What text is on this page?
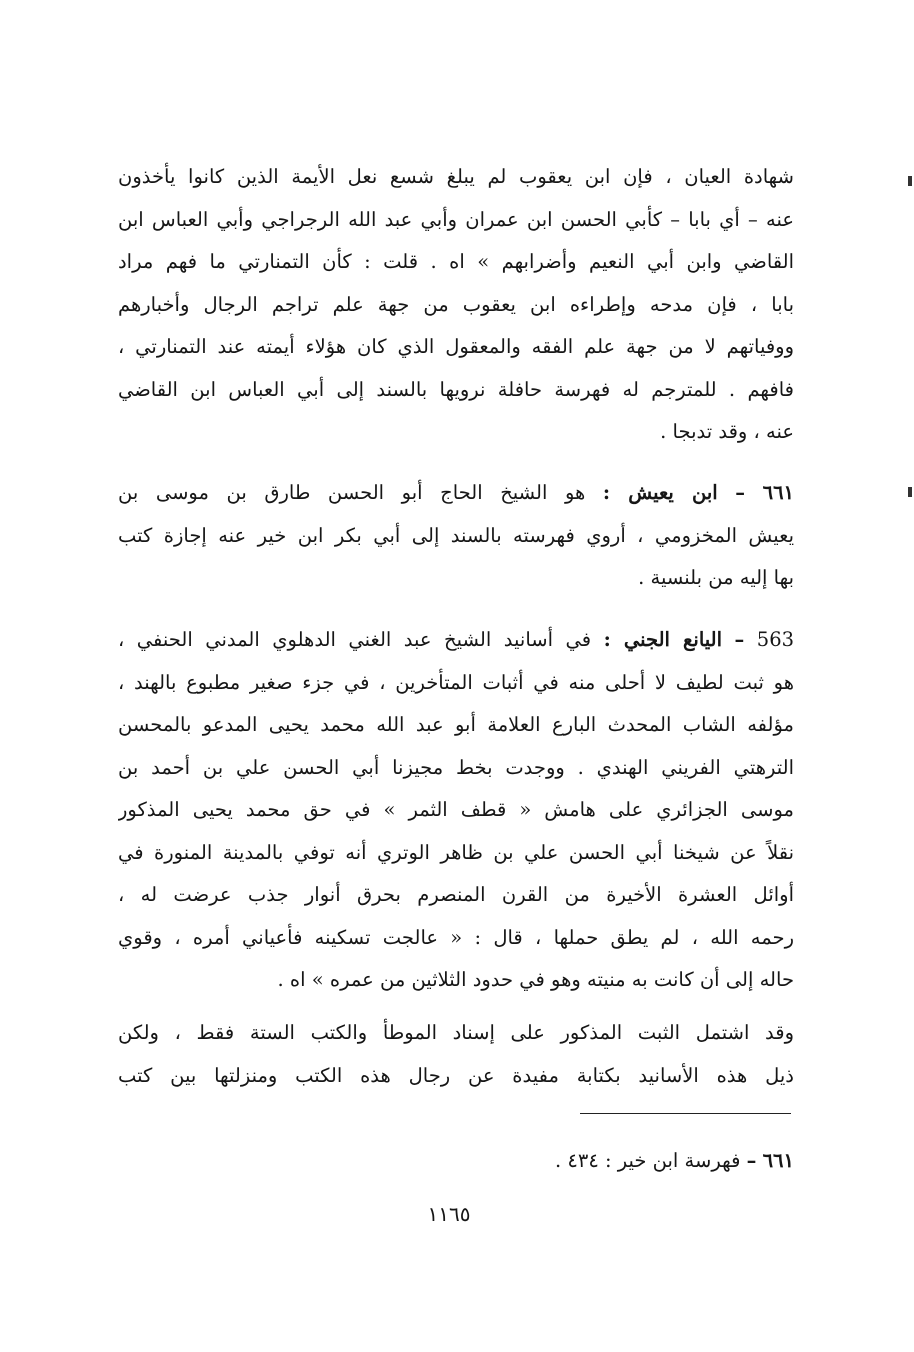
شهادة العيان ، فإن ابن يعقوب لم يبلغ شسع نعل الأيمة الذين كانوا يأخذون
عنه – أي بابا – كأبي الحسن ابن عمران وأبي عبد الله الرجراجي وأبي العباس ابن
القاضي وابن أبي النعيم وأضرابهم » اه . قلت : كأن التمنارتي ما فهم مراد
بابا ، فإن مدحه وإطراءه ابن يعقوب من جهة علم تراجم الرجال وأخبارهم
ووفياتهم لا من جهة علم الفقه والمعقول الذي كان هؤلاء أيمته عند التمنارتي ،
فافهم . للمترجم له فهرسة حافلة نرويها بالسند إلى أبي العباس ابن القاضي
عنه ، وقد تدبجا .
٦٦١ – ابن يعيش : هو الشيخ الحاج أبو الحسن طارق بن موسى بن
يعيش المخزومي ، أروي فهرسته بالسند إلى أبي بكر ابن خير عنه إجازة كتب
بها إليه من بلنسية .
563 – اليانع الجني : في أسانيد الشيخ عبد الغني الدهلوي المدني الحنفي ،
هو ثبت لطيف لا أحلى منه في أثبات المتأخرين ، في جزء صغير مطبوع بالهند ،
مؤلفه الشاب المحدث البارع العلامة أبو عبد الله محمد يحيى المدعو بالمحسن
الترهتي الفريني الهندي . ووجدت بخط مجيزنا أبي الحسن علي بن أحمد بن
موسى الجزائري على هامش « قطف الثمر » في حق محمد يحيى المذكور
نقلاً عن شيخنا أبي الحسن علي بن ظاهر الوتري أنه توفي بالمدينة المنورة في
أوائل العشرة الأخيرة من القرن المنصرم بحرق أنوار جذب عرضت له ،
رحمه الله ، لم يطق حملها ، قال : « عالجت تسكينه فأعياني أمره ، وقوي
حاله إلى أن كانت به منيته وهو في حدود الثلاثين من عمره » اه .
وقد اشتمل الثبت المذكور على إسناد الموطأ والكتب الستة فقط ، ولكن
ذيل هذه الأسانيد بكتابة مفيدة عن رجال هذه الكتب ومنزلتها بين كتب
٦٦١ – فهرسة ابن خير : ٤٣٤ .
١١٦٥
